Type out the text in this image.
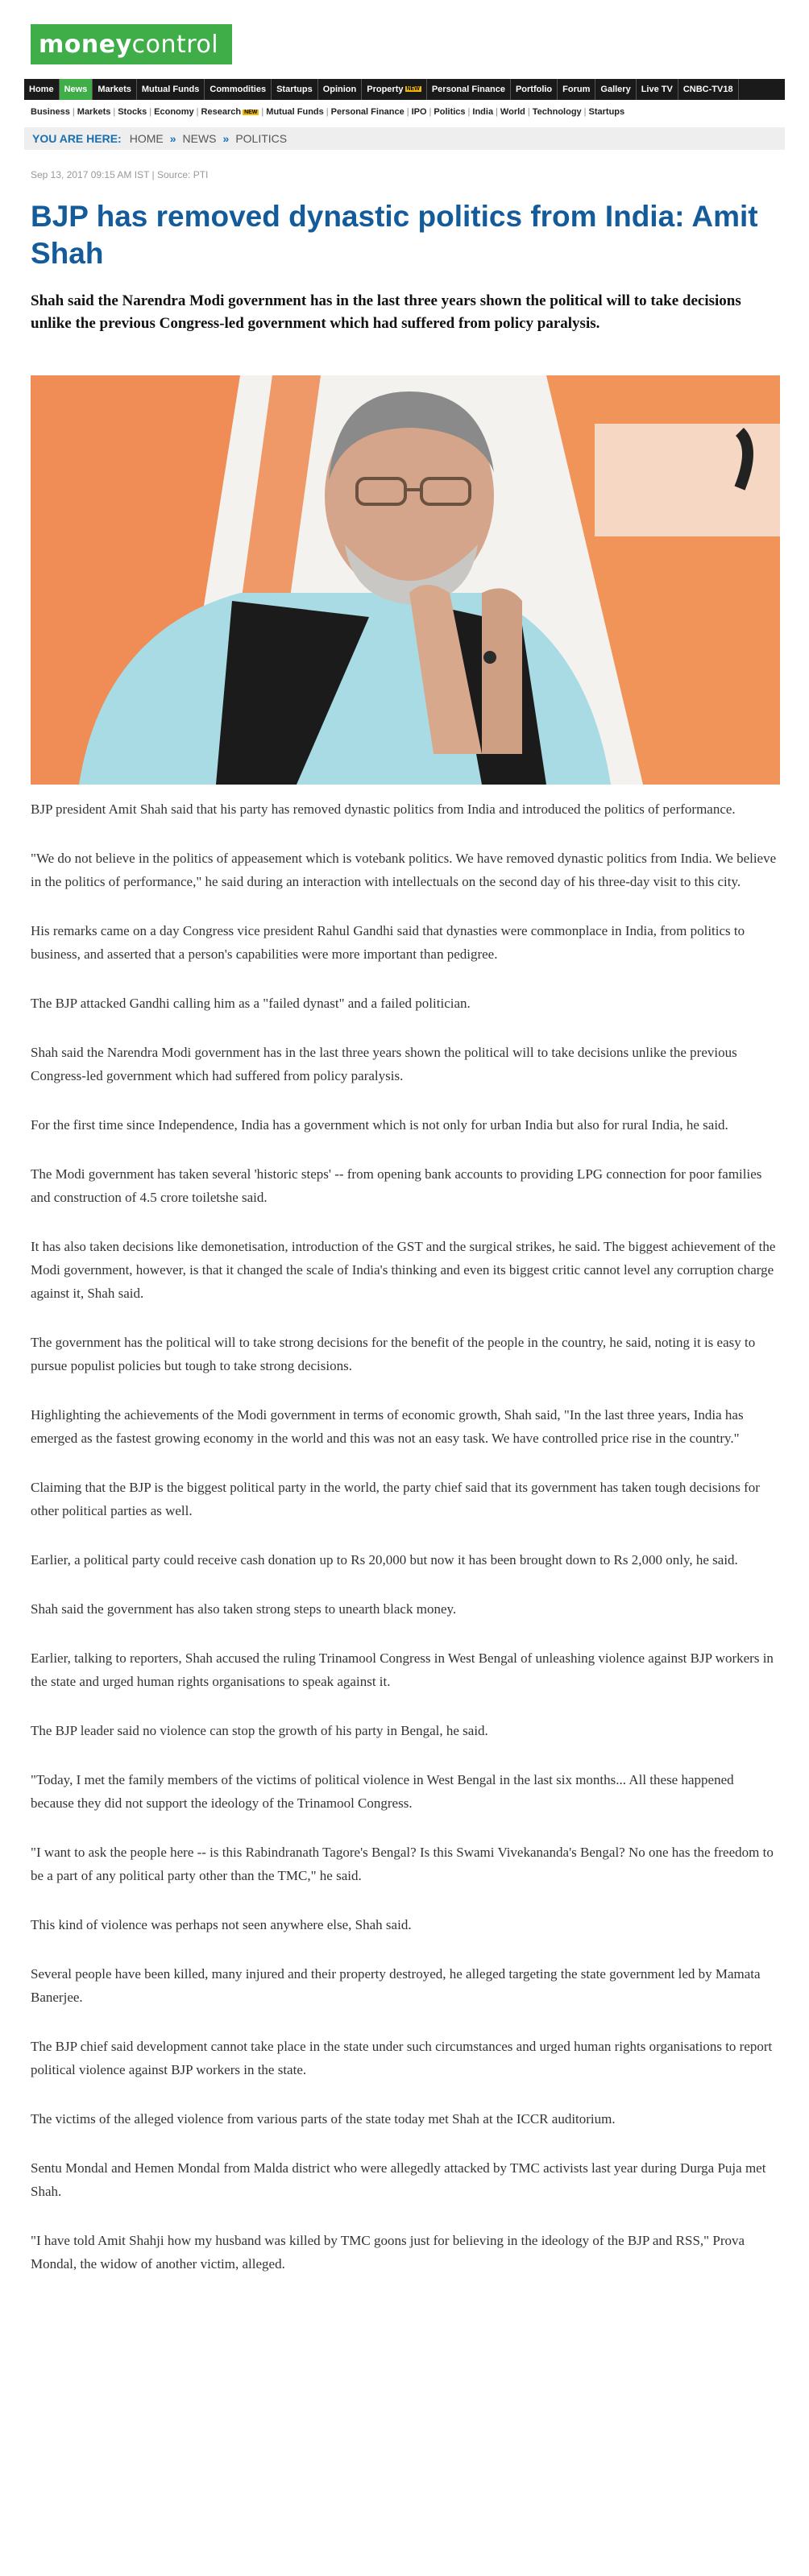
money control
Home	News	Markets	Mutual Funds	Commodities	Startups	Opinion	Property $^{NEW}$	Personal Finance	Portfolio	Forum	Gallery	Live TV	CNBC-TV18
Business | Markets | Stocks | Economy | Research NEW | Mutual Funds | Personal Finance | IPO | Politics | India | World | Technology | Startups
YOU ARE HERE: HOME » NEWS » POLITICS
Sep 13, 2017 09:15 AM IST | Source: PTI
BJP has removed dynastic politics from India: Amit Shah
Shah said the Narendra Modi government has in the last three years shown the political will to take decisions unlike the previous Congress-led government which had suffered from policy paralysis.

BJP president Amit Shah said that his party has removed dynastic politics from India and introduced the politics of performance.

"We do not believe in the politics of appeasement which is votebank politics. We have removed dynastic politics from India. We believe in the politics of performance," he said during an interaction with intellectuals on the second day of his three-day visit to this city.

His remarks came on a day Congress vice president Rahul Gandhi said that dynasties were commonplace in India, from politics to business, and asserted that a person's capabilities were more important than pedigree.

The BJP attacked Gandhi calling him as a "failed dynast" and a failed politician.

Shah said the Narendra Modi government has in the last three years shown the political will to take decisions unlike the previous Congress-led government which had suffered from policy paralysis.

For the first time since Independence, India has a government which is not only for urban India but also for rural India, he said.

The Modi government has taken several 'historic steps' -- from opening bank accounts to providing LPG connection for poor families and construction of 4.5 crore toiletshe said.

It has also taken decisions like demonetisation, introduction of the GST and the surgical strikes, he said. The biggest achievement of the Modi government, however, is that it changed the scale of India's thinking and even its biggest critic cannot level any corruption charge against it, Shah said.

The government has the political will to take strong decisions for the benefit of the people in the country, he said, noting it is easy to pursue populist policies but tough to take strong decisions.

Highlighting the achievements of the Modi government in terms of economic growth, Shah said, "In the last three years, India has emerged as the fastest growing economy in the world and this was not an easy task. We have controlled price rise in the country."

Claiming that the BJP is the biggest political party in the world, the party chief said that its government has taken tough decisions for other political parties as well.

Earlier, a political party could receive cash donation up to Rs 20,000 but now it has been brought down to Rs 2,000 only, he said.

Shah said the government has also taken strong steps to unearth black money.

Earlier, talking to reporters, Shah accused the ruling Trinamool Congress in West Bengal of unleashing violence against BJP workers in the state and urged human rights organisations to speak against it.

The BJP leader said no violence can stop the growth of his party in Bengal, he said.

"Today, I met the family members of the victims of political violence in West Bengal in the last six months... All these happened because they did not support the ideology of the Trinamool Congress.

"I want to ask the people here -- is this Rabindranath Tagore's Bengal? Is this Swami Vivekananda's Bengal? No one has the freedom to be a part of any political party other than the TMC," he said.

This kind of violence was perhaps not seen anywhere else, Shah said.

Several people have been killed, many injured and their property destroyed, he alleged targeting the state government led by Mamata Banerjee.

The BJP chief said development cannot take place in the state under such circumstances and urged human rights organisations to report political violence against BJP workers in the state.

The victims of the alleged violence from various parts of the state today met Shah at the ICCR auditorium.

Sentu Mondal and Hemen Mondal from Malda district who were allegedly attacked by TMC activists last year during Durga Puja met Shah.

"I have told Amit Shahji how my husband was killed by TMC goons just for believing in the ideology of the BJP and RSS," Prova Mondal, the widow of another victim, alleged.
